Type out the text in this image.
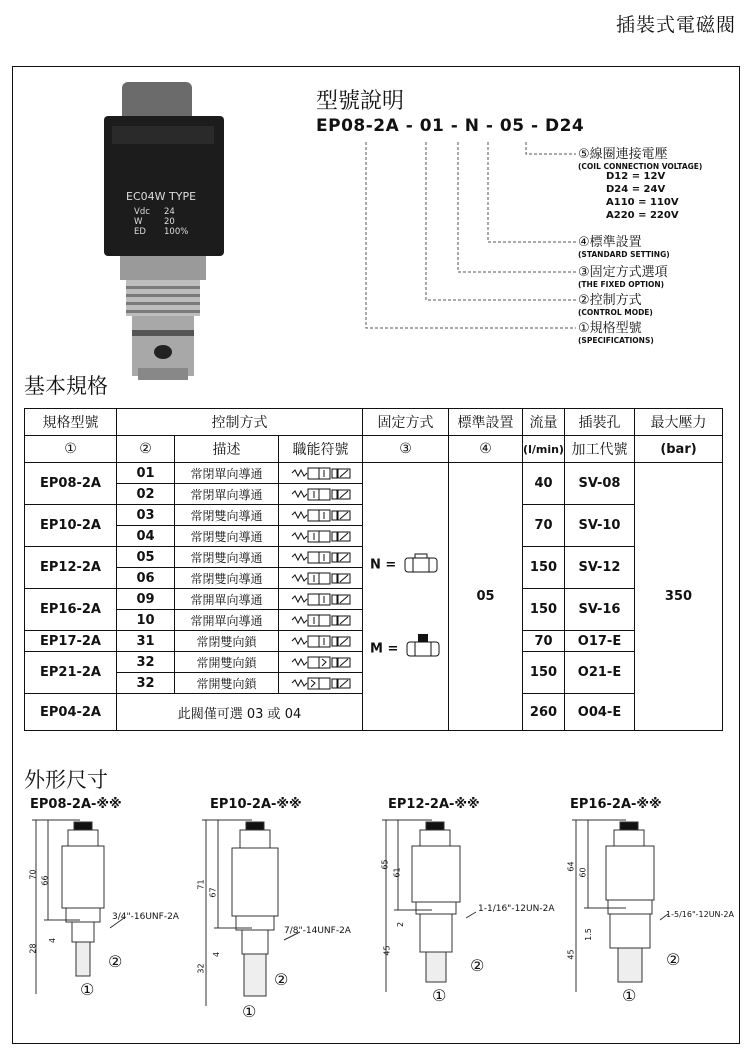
插裝式電磁閥
EC04W TYPE
Vdc 24
W	20
ED 100%
型號說明
EP08-2A - 01 - N - 05 - D24
⑤線圈連接電壓
(COIL CONNECTION VOLTAGE)
D12 = 12V
D24 = 24V
A110 = 110V
A220 = 220V
④標準設置
(STANDARD SETTING)
③固定方式選項
(THE FIXED OPTION)
②控制方式
(CONTROL MODE)
①規格型號
(SPECIFICATIONS)
基本規格
規格型號	控制方式			固定方式	標準設置	流量	插裝孔	最大壓力
①	②	描述	職能符號	③	④	(l/min)	加工代號	(bar)
EP08-2A	01	常閉單向導通			05	40	SV-08	350
	02	常閉單向導通	
EP10-2A	03	常閉雙向導通				70	SV-10	
	04	常閉雙向導通	
EP12-2A	05	常閉雙向導通				150	SV-12	
	06	常閉雙向導通	
EP16-2A	09	常開單向導通				150	SV-16	
	10	常開單向導通	
EP17-2A	31	常閉雙向鎖				70	O17-E	
EP21-2A	32	常開雙向鎖				150	O21-E	
	32	常開雙向鎖	
EP04-2A	此閥僅可選 03 或 04					260	O04-E	
N =
M =
外形尺寸
EP08-2A-※※	EP10-2A-※※	EP12-2A-※※	EP16-2A-※※
70
66
4
28
3/4"-16UNF-2A
②
①
71
67
4
32
7/8"-14UNF-2A
②
①
65
61
2
45
1-1/16"-12UN-2A
②
①
64
60
1.5
45
1-5/16"-12UN-2A
②
①
